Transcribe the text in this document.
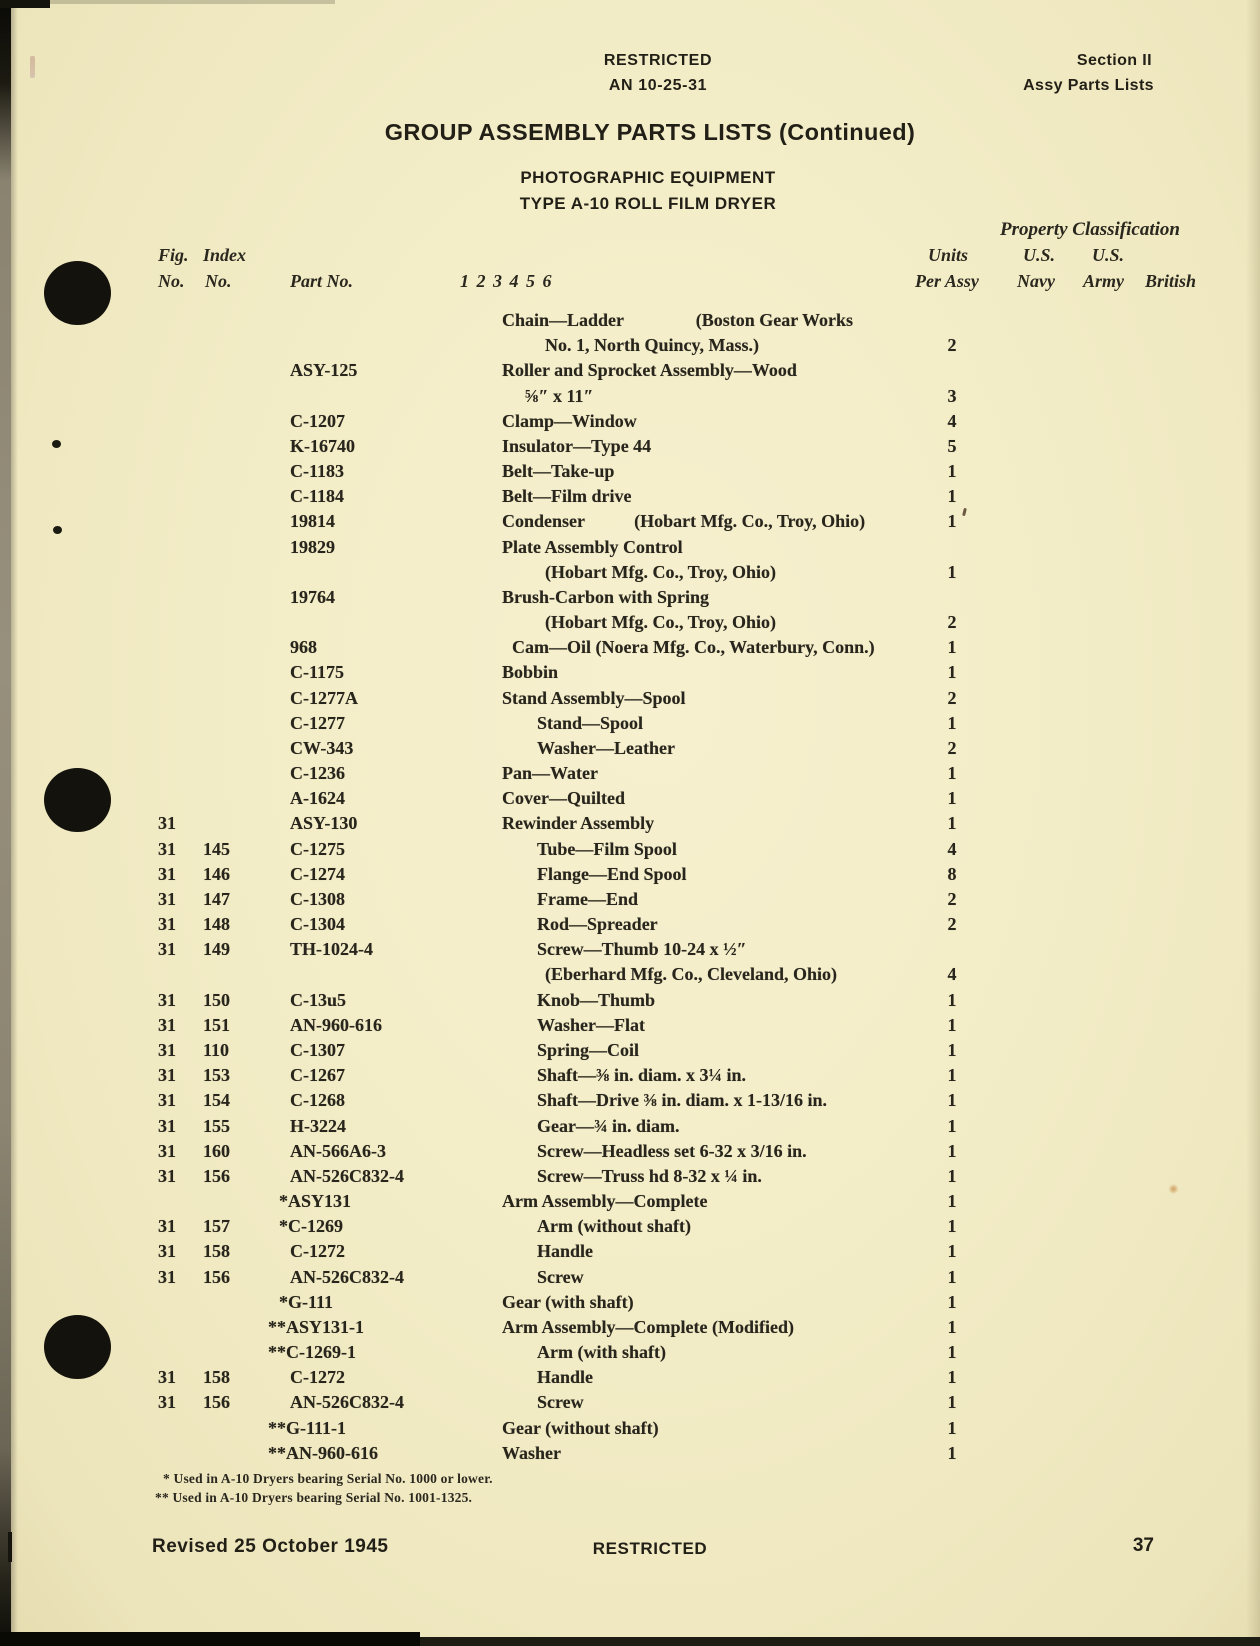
RESTRICTED
AN 10-25-31
Section II
Assy Parts Lists
GROUP ASSEMBLY PARTS LISTS (Continued)
PHOTOGRAPHIC EQUIPMENT
TYPE A-10 ROLL FILM DRYER
Property Classification
Fig. Index	Units	U.S. U.S.
No. No.	Part No.	1 2 3 4 5 6	Per Assy Navy Army British
Chain—Ladder                (Boston Gear Works
No. 1, North Quincy, Mass.)	2
ASY-125	Roller and Sprocket Assembly—Wood
⅝″ x 11″	3
C-1207	Clamp—Window	4
K-16740	Insulator—Type 44	5
C-1183	Belt—Take-up	1
C-1184	Belt—Film drive	1
19814	Condenser           (Hobart Mfg. Co., Troy, Ohio)	1
19829	Plate Assembly Control
(Hobart Mfg. Co., Troy, Ohio)	1
19764	Brush-Carbon with Spring
(Hobart Mfg. Co., Troy, Ohio)	2
968	Cam—Oil (Noera Mfg. Co., Waterbury, Conn.)	1
C-1175	Bobbin	1
C-1277A	Stand Assembly—Spool	2
C-1277	Stand—Spool	1
CW-343	Washer—Leather	2
C-1236	Pan—Water	1
A-1624	Cover—Quilted	1
31	ASY-130	Rewinder Assembly	1
31 145	C-1275	Tube—Film Spool	4
31 146	C-1274	Flange—End Spool	8
31 147	C-1308	Frame—End	2
31 148	C-1304	Rod—Spreader	2
31 149	TH-1024-4	Screw—Thumb 10-24 x ½″
(Eberhard Mfg. Co., Cleveland, Ohio)	4
31 150	C-13u5	Knob—Thumb	1
31 151	AN-960-616	Washer—Flat	1
31 110	C-1307	Spring—Coil	1
31 153	C-1267	Shaft—⅜ in. diam. x 3¼ in.	1
31 154	C-1268	Shaft—Drive ⅜ in. diam. x 1-13/16 in.	1
31 155	H-3224	Gear—¾ in. diam.	1
31 160	AN-566A6-3	Screw—Headless set 6-32 x 3/16 in.	1
31 156	AN-526C832-4	Screw—Truss hd 8-32 x ¼ in.	1
*ASY131	Arm Assembly—Complete	1
31 157	*C-1269	Arm (without shaft)	1
31 158	C-1272	Handle	1
31 156	AN-526C832-4	Screw	1
*G-111	Gear (with shaft)	1
**ASY131-1	Arm Assembly—Complete (Modified)	1
**C-1269-1	Arm (with shaft)	1
31 158	C-1272	Handle	1
31 156	AN-526C832-4	Screw	1
**G-111-1	Gear (without shaft)	1
**AN-960-616	Washer	1
* Used in A-10 Dryers bearing Serial No. 1000 or lower.
** Used in A-10 Dryers bearing Serial No. 1001-1325.
Revised 25 October 1945	RESTRICTED	37
